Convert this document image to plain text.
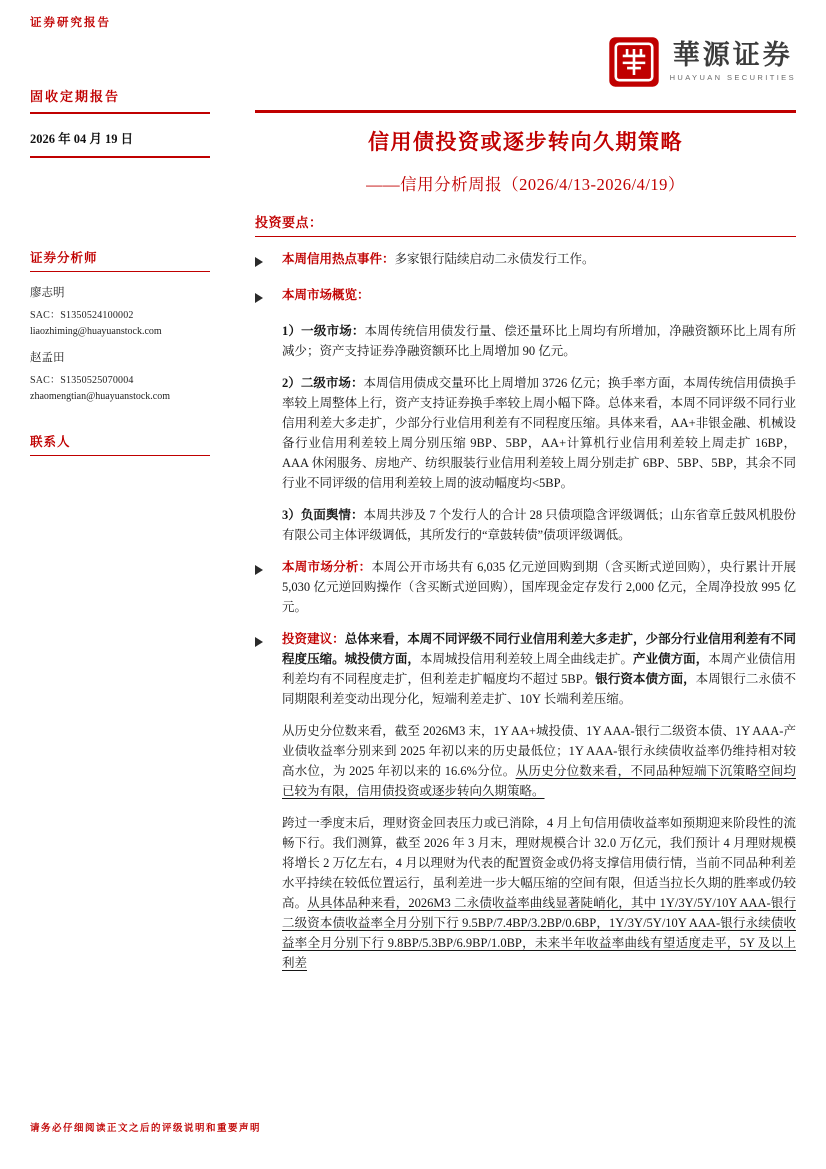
证券研究报告
華源证券
HUAYUAN SECURITIES
固收定期报告
2026 年 04 月 19 日
证券分析师
廖志明
SAC：S1350524100002
liaozhiming@huayuanstock.com
赵孟田
SAC：S1350525070004
zhaomengtian@huayuanstock.com
联系人
信用债投资或逐步转向久期策略
——信用分析周报（2026/4/13-2026/4/19）
投资要点：
本周信用热点事件：多家银行陆续启动二永债发行工作。
本周市场概览：
1）一级市场：本周传统信用债发行量、偿还量环比上周均有所增加，净融资额环比上周有所减少；资产支持证券净融资额环比上周增加 90 亿元。
2）二级市场：本周信用债成交量环比上周增加 3726 亿元；换手率方面，本周传统信用债换手率较上周整体上行，资产支持证券换手率较上周小幅下降。总体来看，本周不同评级不同行业信用利差大多走扩，少部分行业信用利差有不同程度压缩。具体来看，AA+非银金融、机械设备行业信用利差较上周分别压缩 9BP、5BP，AA+计算机行业信用利差较上周走扩 16BP，AAA 休闲服务、房地产、纺织服装行业信用利差较上周分别走扩 6BP、5BP、5BP，其余不同行业不同评级的信用利差较上周的波动幅度均<5BP。
3）负面舆情：本周共涉及 7 个发行人的合计 28 只债项隐含评级调低；山东省章丘鼓风机股份有限公司主体评级调低，其所发行的“章鼓转债”债项评级调低。
本周市场分析：本周公开市场共有 6,035 亿元逆回购到期（含买断式逆回购），央行累计开展 5,030 亿元逆回购操作（含买断式逆回购），国库现金定存发行 2,000 亿元，全周净投放 995 亿元。
投资建议：总体来看，本周不同评级不同行业信用利差大多走扩，少部分行业信用利差有不同程度压缩。城投债方面，本周城投信用利差较上周全曲线走扩。产业债方面，本周产业债信用利差均有不同程度走扩，但利差走扩幅度均不超过 5BP。银行资本债方面，本周银行二永债不同期限利差变动出现分化，短端利差走扩、10Y 长端利差压缩。
从历史分位数来看，截至 2026M3 末，1Y AA+城投债、1Y AAA-银行二级资本债、1Y AAA-产业债收益率分别来到 2025 年初以来的历史最低位；1Y AAA-银行永续债收益率仍维持相对较高水位，为 2025 年初以来的 16.6%分位。从历史分位数来看，不同品种短端下沉策略空间均已较为有限，信用债投资或逐步转向久期策略。
跨过一季度末后，理财资金回表压力或已消除，4 月上旬信用债收益率如预期迎来阶段性的流畅下行。我们测算，截至 2026 年 3 月末，理财规模合计 32.0 万亿元，我们预计 4 月理财规模将增长 2 万亿左右，4 月以理财为代表的配置资金或仍将支撑信用债行情，当前不同品种利差水平持续在较低位置运行，虽利差进一步大幅压缩的空间有限，但适当拉长久期的胜率或仍较高。从具体品种来看，2026M3 二永债收益率曲线显著陡峭化，其中 1Y/3Y/5Y/10Y AAA-银行二级资本债收益率全月分别下行 9.5BP/7.4BP/3.2BP/0.6BP，1Y/3Y/5Y/10Y AAA-银行永续债收益率全月分别下行 9.8BP/5.3BP/6.9BP/1.0BP，未来半年收益率曲线有望适度走平，5Y 及以上利差
请务必仔细阅读正文之后的评级说明和重要声明
